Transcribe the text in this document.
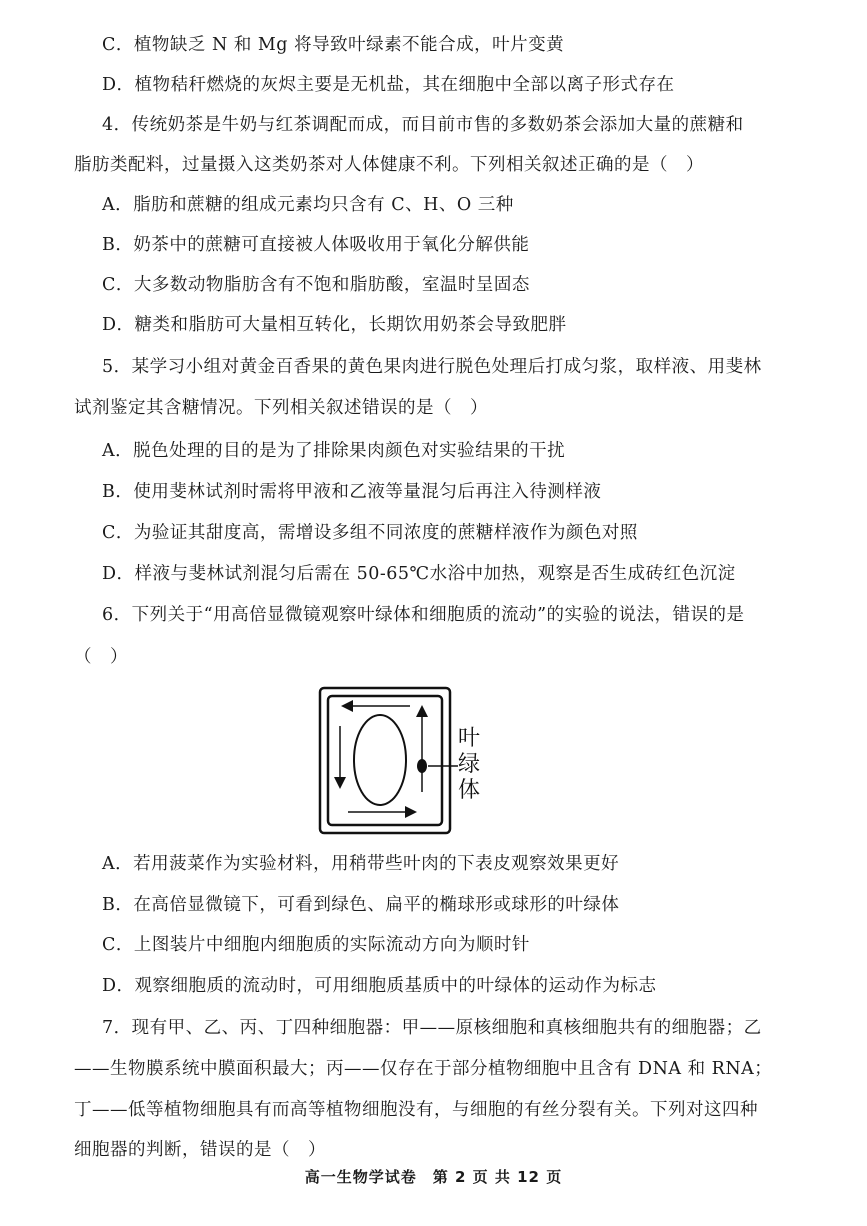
C．植物缺乏 N 和 Mg 将导致叶绿素不能合成，叶片变黄
D．植物秸秆燃烧的灰烬主要是无机盐，其在细胞中全部以离子形式存在
4．传统奶茶是牛奶与红茶调配而成，而目前市售的多数奶茶会添加大量的蔗糖和
脂肪类配料，过量摄入这类奶茶对人体健康不利。下列相关叙述正确的是（　）
A．脂肪和蔗糖的组成元素均只含有 C、H、O 三种
B．奶茶中的蔗糖可直接被人体吸收用于氧化分解供能
C．大多数动物脂肪含有不饱和脂肪酸，室温时呈固态
D．糖类和脂肪可大量相互转化，长期饮用奶茶会导致肥胖
5．某学习小组对黄金百香果的黄色果肉进行脱色处理后打成匀浆，取样液、用斐林
试剂鉴定其含糖情况。下列相关叙述错误的是（　）
A．脱色处理的目的是为了排除果肉颜色对实验结果的干扰
B．使用斐林试剂时需将甲液和乙液等量混匀后再注入待测样液
C．为验证其甜度高，需增设多组不同浓度的蔗糖样液作为颜色对照
D．样液与斐林试剂混匀后需在 50-65℃水浴中加热，观察是否生成砖红色沉淀
6．下列关于“用高倍显微镜观察叶绿体和细胞质的流动”的实验的说法，错误的是
（　）
叶
绿
体
A．若用菠菜作为实验材料，用稍带些叶肉的下表皮观察效果更好
B．在高倍显微镜下，可看到绿色、扁平的椭球形或球形的叶绿体
C．上图装片中细胞内细胞质的实际流动方向为顺时针
D．观察细胞质的流动时，可用细胞质基质中的叶绿体的运动作为标志
7．现有甲、乙、丙、丁四种细胞器：甲——原核细胞和真核细胞共有的细胞器；乙
——生物膜系统中膜面积最大；丙——仅存在于部分植物细胞中且含有 DNA 和 RNA；
丁——低等植物细胞具有而高等植物细胞没有，与细胞的有丝分裂有关。下列对这四种
细胞器的判断，错误的是（　）
高一生物学试卷　第 2 页 共 12 页
